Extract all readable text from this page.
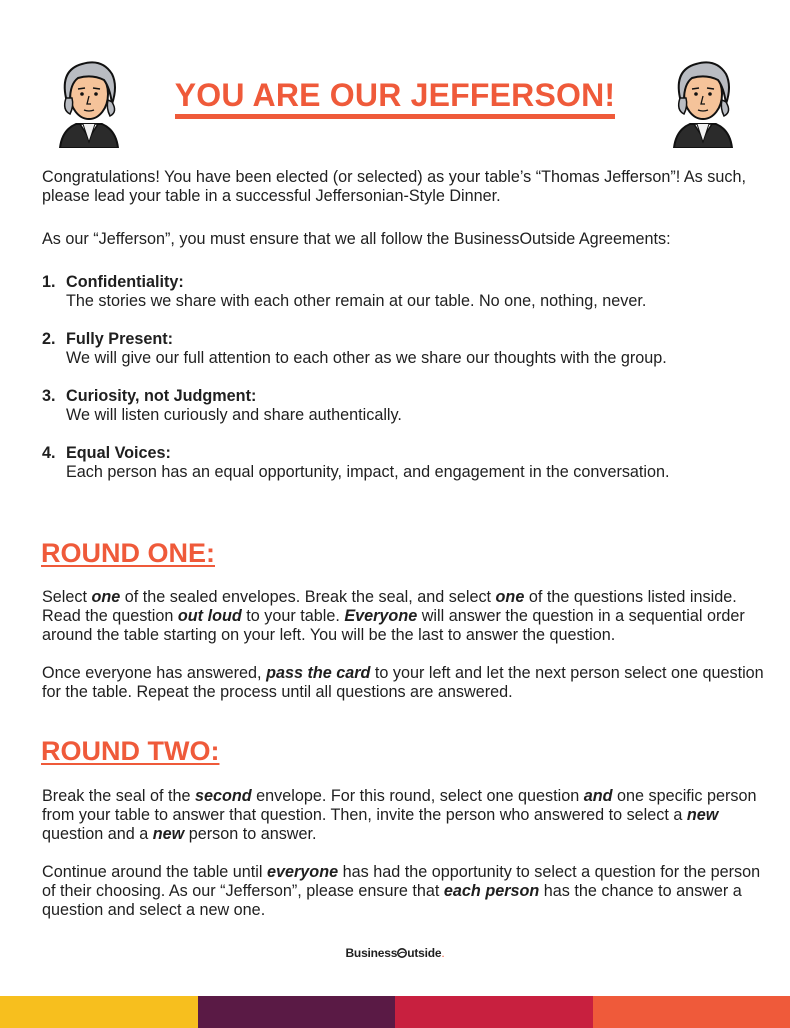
YOU ARE OUR JEFFERSON!

Congratulations! You have been elected (or selected) as your table’s “Thomas Jefferson”! As such, please lead your table in a successful Jeffersonian-Style Dinner.

As our “Jefferson”, you must ensure that we all follow the BusinessOutside Agreements:

1. Confidentiality:
The stories we share with each other remain at our table. No one, nothing, never.
2. Fully Present:
We will give our full attention to each other as we share our thoughts with the group.
3. Curiosity, not Judgment:
We will listen curiously and share authentically.
4. Equal Voices:
Each person has an equal opportunity, impact, and engagement in the conversation.
ROUND ONE:

Select one of the sealed envelopes. Break the seal, and select one of the questions listed inside. Read the question out loud to your table. Everyone will answer the question in a sequential order around the table starting on your left. You will be the last to answer the question.

Once everyone has answered, pass the card to your left and let the next person select one question for the table. Repeat the process until all questions are answered.

ROUND TWO:

Break the seal of the second envelope. For this round, select one question and one specific person from your table to answer that question. Then, invite the person who answered to select a new question and a new person to answer.

Continue around the table until everyone has had the opportunity to select a question for the person of their choosing. As our “Jefferson”, please ensure that each person has the chance to answer a question and select a new one.

Business utside.
